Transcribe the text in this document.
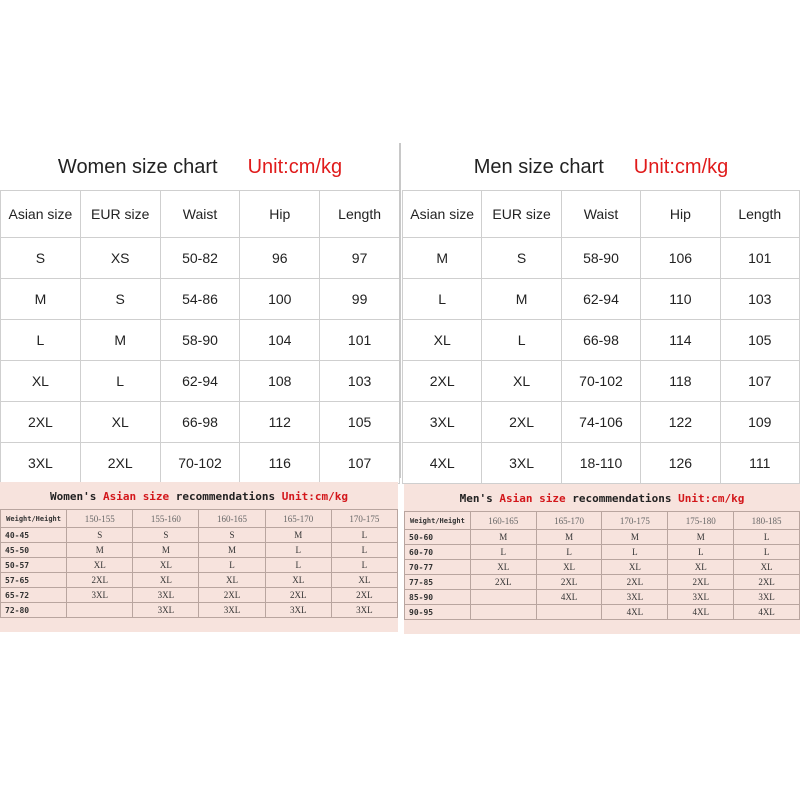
Women size chart Unit:cm/kg
Asian size	EUR size	Waist	Hip	Length
S	XS	50-82	96	97
M	S	54-86	100	99
L	M	58-90	104	101
XL	L	62-94	108	103
2XL	XL	66-98	112	105
3XL	2XL	70-102	116	107
Men size chart Unit:cm/kg
Asian size	EUR size	Waist	Hip	Length
M	S	58-90	106	101
L	M	62-94	110	103
XL	L	66-98	114	105
2XL	XL	70-102	118	107
3XL	2XL	74-106	122	109
4XL	3XL	18-110	126	111
Women's Asian size recommendations Unit:cm/kg
Weight/Height	150-155	155-160	160-165	165-170	170-175
40-45	S	S	S	M	L
45-50	M	M	M	L	L
50-57	XL	XL	L	L	L
57-65	2XL	XL	XL	XL	XL
65-72	3XL	3XL	2XL	2XL	2XL
72-80		3XL	3XL	3XL	3XL
Men's Asian size recommendations Unit:cm/kg
Weight/Height	160-165	165-170	170-175	175-180	180-185
50-60	M	M	M	M	L
60-70	L	L	L	L	L
70-77	XL	XL	XL	XL	XL
77-85	2XL	2XL	2XL	2XL	2XL
85-90		4XL	3XL	3XL	3XL
90-95			4XL	4XL	4XL
